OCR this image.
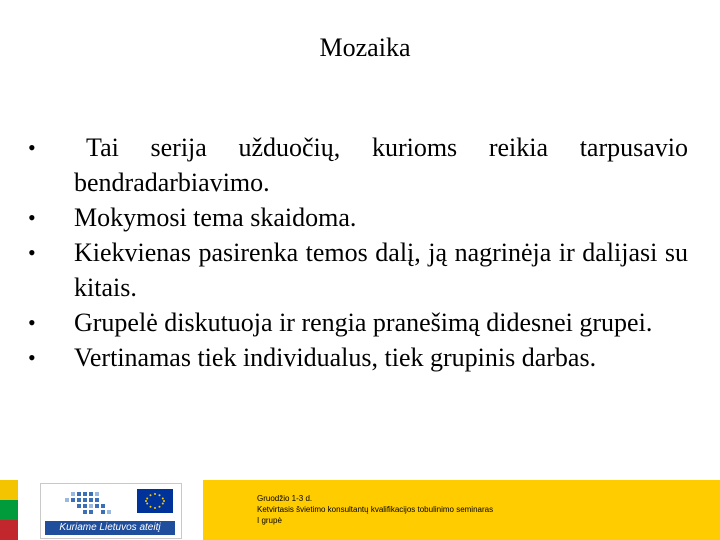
Mozaika
•	Tai serija užduočių, kurioms reikia tarpusavio bendradarbiavimo.
•	Mokymosi tema skaidoma.
•	Kiekvienas pasirenka temos dalį, ją nagrinėja ir dalijasi su kitais.
•	Grupelė diskutuoja ir rengia pranešimą didesnei grupei.
•	Vertinamas tiek individualus, tiek grupinis darbas.
Kuriame Lietuvos ateitį
Gruodžio 1-3 d.
Ketvirtasis švietimo konsultantų kvalifikacijos tobulinimo seminaras
I grupė
